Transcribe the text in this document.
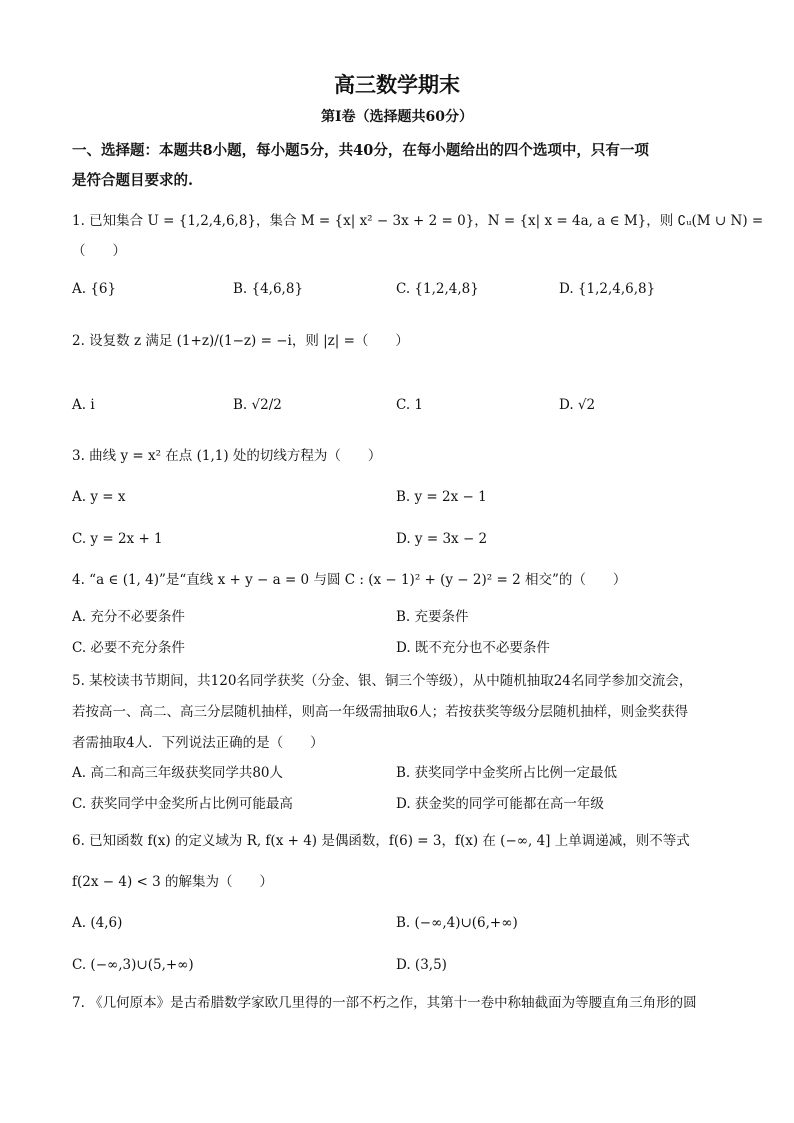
高三数学期末
第Ⅰ卷（选择题共60分）
一、选择题：本题共8小题，每小题5分，共40分，在每小题给出的四个选项中，只有一项
是符合题目要求的.
1. 已知集合 U = {1,2,4,6,8}，集合 M = {x| x² − 3x + 2 = 0}，N = {x| x = 4a, a ∈ M}，则 ∁ᵤ(M ∪ N) =
（　　）
A. {6}	B. {4,6,8}	C. {1,2,4,8}	D. {1,2,4,6,8}
2. 设复数 z 满足 (1+z)/(1−z) = −i，则 |z| =（　　）
A. i	B. √2/2	C. 1	D. √2
3. 曲线 y = x² 在点 (1,1) 处的切线方程为（　　）
A. y = x	B. y = 2x − 1
C. y = 2x + 1	D. y = 3x − 2
4. “a ∈ (1, 4)”是“直线 x + y − a = 0 与圆 C : (x − 1)² + (y − 2)² = 2 相交”的（　　）
A. 充分不必要条件	B. 充要条件
C. 必要不充分条件	D. 既不充分也不必要条件
5. 某校读书节期间，共120名同学获奖（分金、银、铜三个等级），从中随机抽取24名同学参加交流会，
若按高一、高二、高三分层随机抽样，则高一年级需抽取6人；若按获奖等级分层随机抽样，则金奖获得
者需抽取4人．下列说法正确的是（　　）
A. 高二和高三年级获奖同学共80人	B. 获奖同学中金奖所占比例一定最低
C. 获奖同学中金奖所占比例可能最高	D. 获金奖的同学可能都在高一年级
6. 已知函数 f(x) 的定义域为 R, f(x + 4) 是偶函数，f(6) = 3，f(x) 在 (−∞, 4] 上单调递减，则不等式
f(2x − 4) < 3 的解集为（　　）
A. (4,6)	B. (−∞,4)∪(6,+∞)
C. (−∞,3)∪(5,+∞)	D. (3,5)
7. 《几何原本》是古希腊数学家欧几里得的一部不朽之作，其第十一卷中称轴截面为等腰直角三角形的圆
